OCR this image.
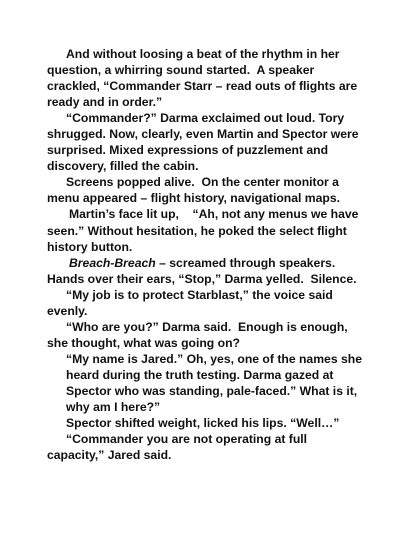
And without loosing a beat of the rhythm in her
question, a whirring sound started.  A speaker
crackled, “Commander Starr – read outs of flights are
ready and in order.”
“Commander?” Darma exclaimed out loud. Tory
shrugged. Now, clearly, even Martin and Spector were
surprised. Mixed expressions of puzzlement and
discovery, filled the cabin.
Screens popped alive.  On the center monitor a
menu appeared – flight history, navigational maps.
Martin’s face lit up,    “Ah, not any menus we have
seen.” Without hesitation, he poked the select flight
history button.
Breach-Breach – screamed through speakers.
Hands over their ears, “Stop,” Darma yelled.  Silence.
“My job is to protect Starblast,” the voice said
evenly.
“Who are you?” Darma said.  Enough is enough,
she thought, what was going on?
“My name is Jared.” Oh, yes, one of the names she
heard during the truth testing. Darma gazed at
Spector who was standing, pale-faced.” What is it,
why am I here?”
Spector shifted weight, licked his lips. “Well…”
“Commander you are not operating at full
capacity,” Jared said.
